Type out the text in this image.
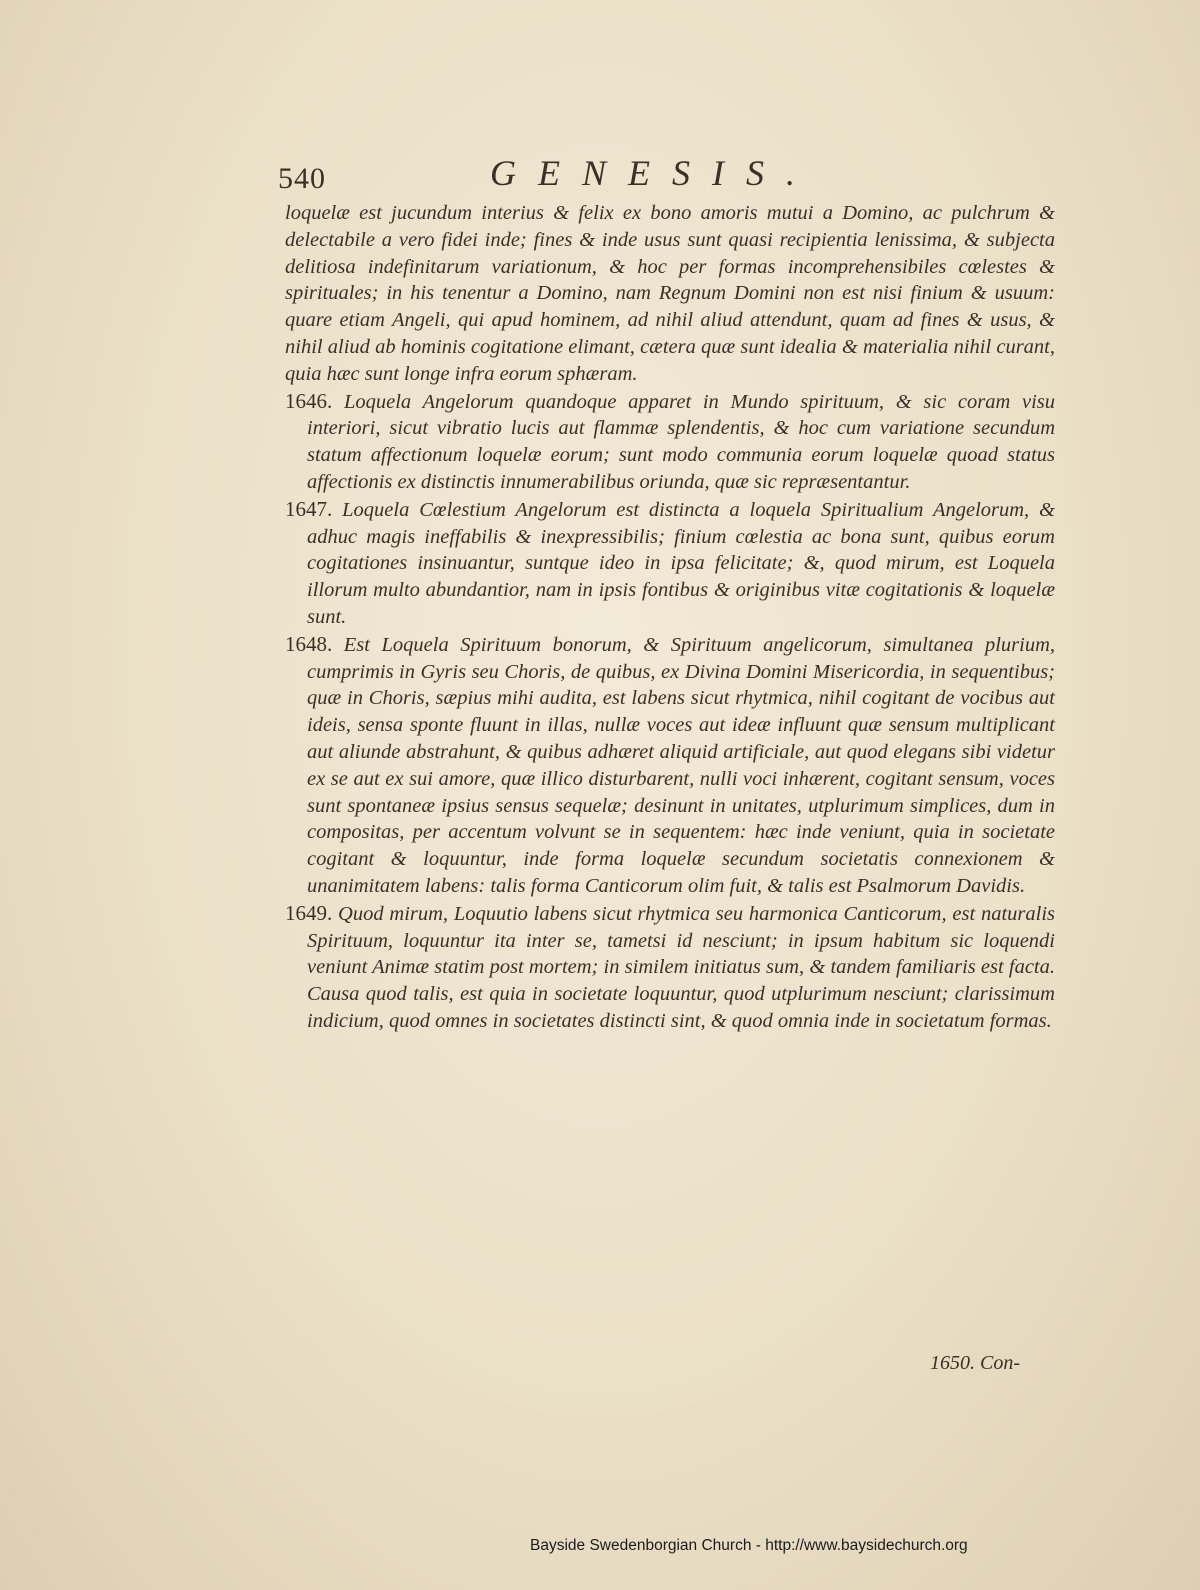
540	GENESIS.

loquelæ est jucundum interius & felix ex bono amoris mutui a Domino, ac pulchrum & delectabile a vero fidei inde; fines & inde usus sunt quasi recipientia lenissima, & subjecta delitiosa indefinitarum variationum, & hoc per formas incomprehensibiles cœlestes & spirituales; in his tenentur a Domino, nam Regnum Domini non est nisi finium & usuum: quare etiam Angeli, qui apud hominem, ad nihil aliud attendunt, quam ad fines & usus, & nihil aliud ab hominis cogitatione elimant, cætera quæ sunt idealia & materialia nihil curant, quia hæc sunt longe infra eorum sphæram.

1646. Loquela Angelorum quandoque apparet in Mundo spirituum, & sic coram visu interiori, sicut vibratio lucis aut flammæ splendentis, & hoc cum variatione secundum statum affectionum loquelæ eorum; sunt modo communia eorum loquelæ quoad status affectionis ex distinctis innumerabilibus oriunda, quæ sic repræsentantur.

1647. Loquela Cœlestium Angelorum est distincta a loquela Spiritualium Angelorum, & adhuc magis ineffabilis & inexpressibilis; finium cœlestia ac bona sunt, quibus eorum cogitationes insinuantur, suntque ideo in ipsa felicitate; &, quod mirum, est Loquela illorum multo abundantior, nam in ipsis fontibus & originibus vitæ cogitationis & loquelæ sunt.

1648. Est Loquela Spirituum bonorum, & Spirituum angelicorum, simultanea plurium, cumprimis in Gyris seu Choris, de quibus, ex Divina Domini Misericordia, in sequentibus; quæ in Choris, sæpius mihi audita, est labens sicut rhytmica, nihil cogitant de vocibus aut ideis, sensa sponte fluunt in illas, nullæ voces aut ideæ influunt quæ sensum multiplicant aut aliunde abstrahunt, & quibus adhæret aliquid artificiale, aut quod elegans sibi videtur ex se aut ex sui amore, quæ illico disturbarent, nulli voci inhærent, cogitant sensum, voces sunt spontaneæ ipsius sensus sequelæ; desinunt in unitates, utplurimum simplices, dum in compositas, per accentum volvunt se in sequentem: hæc inde veniunt, quia in societate cogitant & loquuntur, inde forma loquelæ secundum societatis connexionem & unanimitatem labens: talis forma Canticorum olim fuit, & talis est Psalmorum Davidis.

1649. Quod mirum, Loquutio labens sicut rhytmica seu harmonica Canticorum, est naturalis Spirituum, loquuntur ita inter se, tametsi id nesciunt; in ipsum habitum sic loquendi veniunt Animæ statim post mortem; in similem initiatus sum, & tandem familiaris est facta. Causa quod talis, est quia in societate loquuntur, quod utplurimum nesciunt; clarissimum indicium, quod omnes in societates distincti sint, & quod omnia inde in societatum formas.

1650. Con-
Bayside Swedenborgian Church - http://www.baysidechurch.org
